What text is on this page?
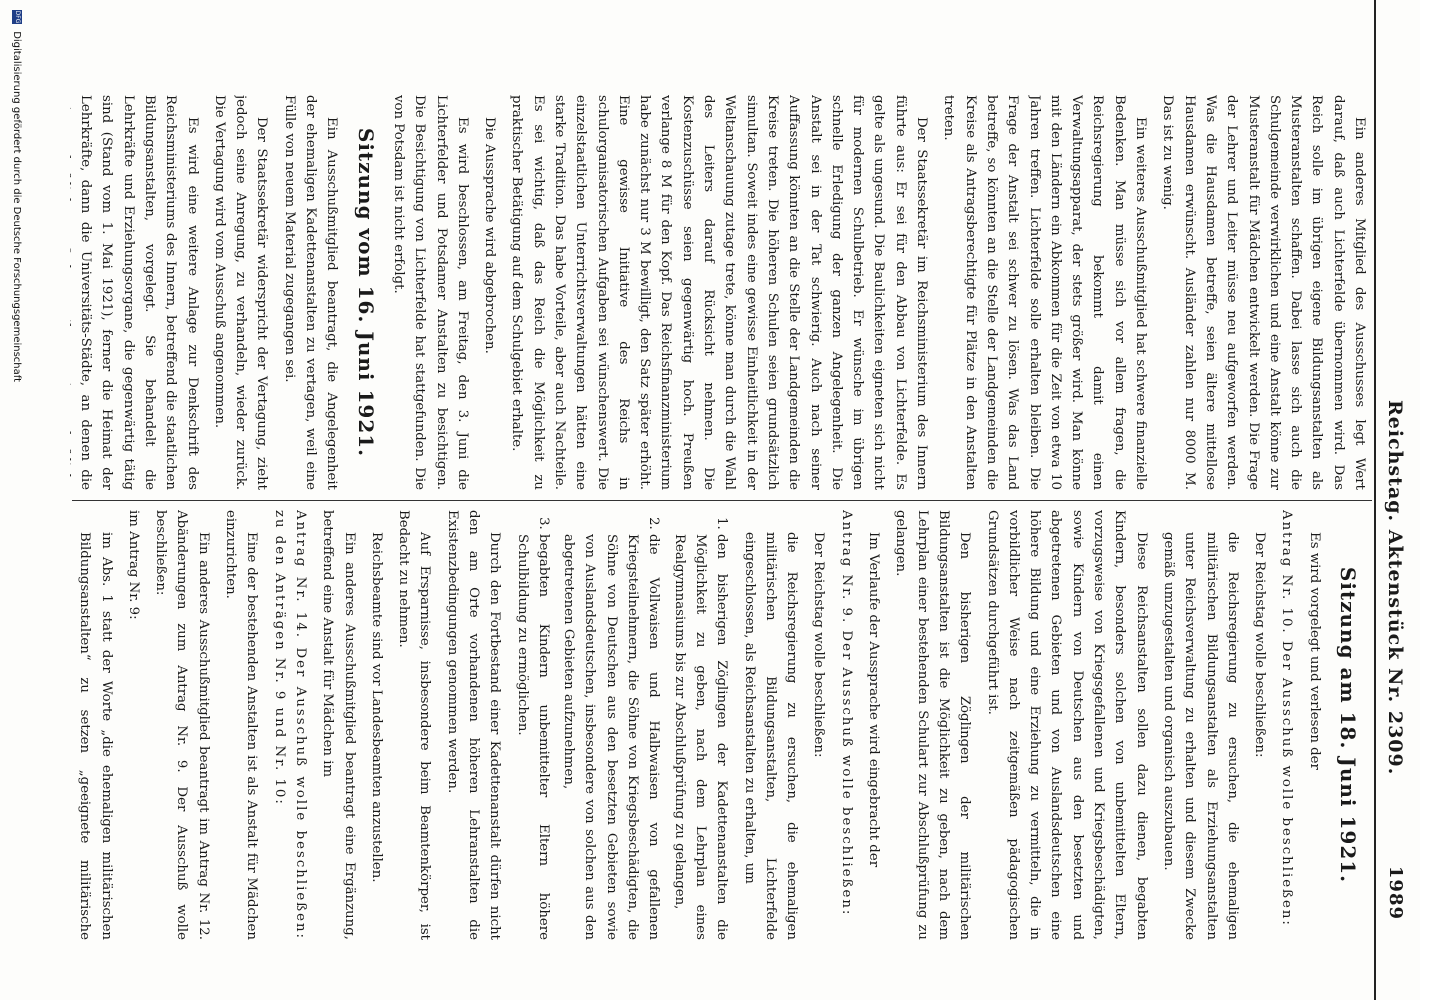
Reichstag. Aktenstück Nr. 2309.
1989

Ein anderes Mitglied des Ausschusses legt Wert darauf, daß auch Lichterfelde übernommen wird. Das Reich solle im übrigen eigene Bildungsanstalten als Musteranstalten schaffen. Dabei lasse sich auch die Schulgemeinde verwirklichen und eine Anstalt könne zur Musteranstalt für Mädchen entwickelt werden. Die Frage der Lehrer und Leiter müsse neu aufgeworfen werden. Was die Hausdamen betreffe, seien ältere mittellose Hausdamen erwünscht. Ausländer zahlen nur 8000 M. Das ist zu wenig.

Ein weiteres Ausschußmitglied hat schwere finanzielle Bedenken. Man müsse sich vor allem fragen, die Reichsregierung bekommt damit einen Verwaltungsapparat, der stets größer wird. Man könne mit den Ländern ein Abkommen für die Zeit von etwa 10 Jahren treffen. Lichterfelde solle erhalten bleiben. Die Frage der Anstalt sei schwer zu lösen. Was das Land betreffe, so könnten an die Stelle der Landgemeinden die Kreise als Antragsberechtigte für Plätze in den Anstalten treten.

Der Staatssekretär im Reichsministerium des Innern führte aus: Er sei für den Abbau von Lichterfelde. Es gelte als ungesund. Die Baulichkeiten eigneten sich nicht für modernen Schulbetrieb. Er wünsche im übrigen schnelle Erledigung der ganzen Angelegenheit. Die Anstalt sei in der Tat schwierig. Auch nach seiner Auffassung könnten an die Stelle der Landgemeinden die Kreise treten. Die höheren Schulen seien grundsätzlich simultan. Soweit indes eine gewisse Einheitlichkeit in der Weltanschauung zutage trete, könne man durch die Wahl des Leiters darauf Rücksicht nehmen. Die Kostenzuschüsse seien gegenwärtig hoch. Preußen verlange 8 M für den Kopf. Das Reichsfinanzministerium habe zunächst nur 3 M bewilligt, den Satz später erhöht. Eine gewisse Initiative des Reichs in schulorganisatorischen Aufgaben sei wünschenswert. Die einzelstaatlichen Unterrichtsverwaltungen hätten eine starke Tradition. Das habe Vorteile, aber auch Nachteile. Es sei wichtig, daß das Reich die Möglichkeit zu praktischer Betätigung auf dem Schulgebiet erhalte.

Die Aussprache wird abgebrochen.

Es wird beschlossen, am Freitag, den 3. Juni die Lichterfelder und Potsdamer Anstalten zu besichtigen. Die Besichtigung von Lichterfelde hat stattgefunden. Die von Potsdam ist nicht erfolgt.

Sitzung vom 16. Juni 1921.

Ein Ausschußmitglied beantragt, die Angelegenheit der ehemaligen Kadettenanstalten zu vertagen, weil eine Fülle von neuem Material zugegangen sei.

Der Staatssekretär widerspricht der Vertagung, zieht jedoch seine Anregung, zu verhandeln, wieder zurück. Die Vertagung wird vom Ausschuß angenommen.

Es wird eine weitere Anlage zur Denkschrift des Reichsministeriums des Innern, betreffend die staatlichen Bildungsanstalten, vorgelegt. Sie behandelt die Lehrkräfte und Erziehungsorgane, die gegenwärtig tätig sind (Stand vom 1. Mai 1921), ferner die Heimat der Lehrkräfte, dann die Universitäts-Städte, an denen die

Sitzung am 18. Juni 1921.

Es wird vorgelegt und verlesen der

Antrag Nr. 10. Der Ausschuß wolle beschließen:

Der Reichstag wolle beschließen:

die Reichsregierung zu ersuchen, die ehemaligen militärischen Bildungsanstalten als Erziehungsanstalten unter Reichsverwaltung zu erhalten und diesem Zwecke gemäß umzugestalten und organisch auszubauen.

Diese Reichsanstalten sollen dazu dienen, begabten Kindern, besonders solchen von unbemittelten Eltern, vorzugsweise von Kriegsgefallenen und Kriegsbeschädigten, sowie Kindern von Deutschen aus den besetzten und abgetretenen Gebieten und von Auslandsdeutschen eine höhere Bildung und eine Erziehung zu vermitteln, die in vorbildlicher Weise nach zeitgemäßen pädagogischen Grundsätzen durchgeführt ist.

Den bisherigen Zöglingen der militärischen Bildungsanstalten ist die Möglichkeit zu geben, nach dem Lehrplan einer bestehenden Schulart zur Abschlußprüfung zu gelangen.

Im Verlaufe der Aussprache wird eingebracht der

Antrag Nr. 9. Der Ausschuß wolle beschließen:

Der Reichstag wolle beschließen:

die Reichsregierung zu ersuchen, die ehemaligen militärischen Bildungsanstalten, Lichterfelde eingeschlossen, als Reichsanstalten zu erhalten, um

1. den bisherigen Zöglingen der Kadettenanstalten die Möglichkeit zu geben, nach dem Lehrplan eines Realgymnasiums bis zur Abschlußprüfung zu gelangen,
2. die Vollwaisen und Halbwaisen von gefallenen Kriegsteilnehmern, die Söhne von Kriegsbeschädigten, die Söhne von Deutschen aus den besetzten Gebieten sowie von Auslandsdeutschen, insbesondere von solchen aus den abgetretenen Gebieten aufzunehmen,
3. begabten Kindern unbemittelter Eltern höhere Schulbildung zu ermöglichen.

Durch den Fortbestand einer Kadettenanstalt dürfen nicht den am Orte vorhandenen höheren Lehranstalten die Existenzbedingungen genommen werden.

Auf Ersparnisse, insbesondere beim Beamtenkörper, ist Bedacht zu nehmen.

Reichsbeamte sind vor Landesbeamten anzustellen.

Ein anderes Ausschußmitglied beantragt eine Ergänzung, betreffend eine Anstalt für Mädchen im

Antrag Nr. 14. Der Ausschuß wolle beschließen: zu den Anträgen Nr. 9 und Nr. 10:

Eine der bestehenden Anstalten ist als Anstalt für Mädchen einzurichten.

Ein anderes Ausschußmitglied beantragt im Antrag Nr. 12. Abänderungen zum Antrag Nr. 9. Der Ausschuß wolle beschließen:

im Antrag Nr. 9:

im Abs. 1 statt der Worte „die ehemaligen militärischen Bildungsanstalten“ zu setzen „geeignete militärische

DFG Digitalisierung gefördert durch die Deutsche Forschungsgemeinschaft
